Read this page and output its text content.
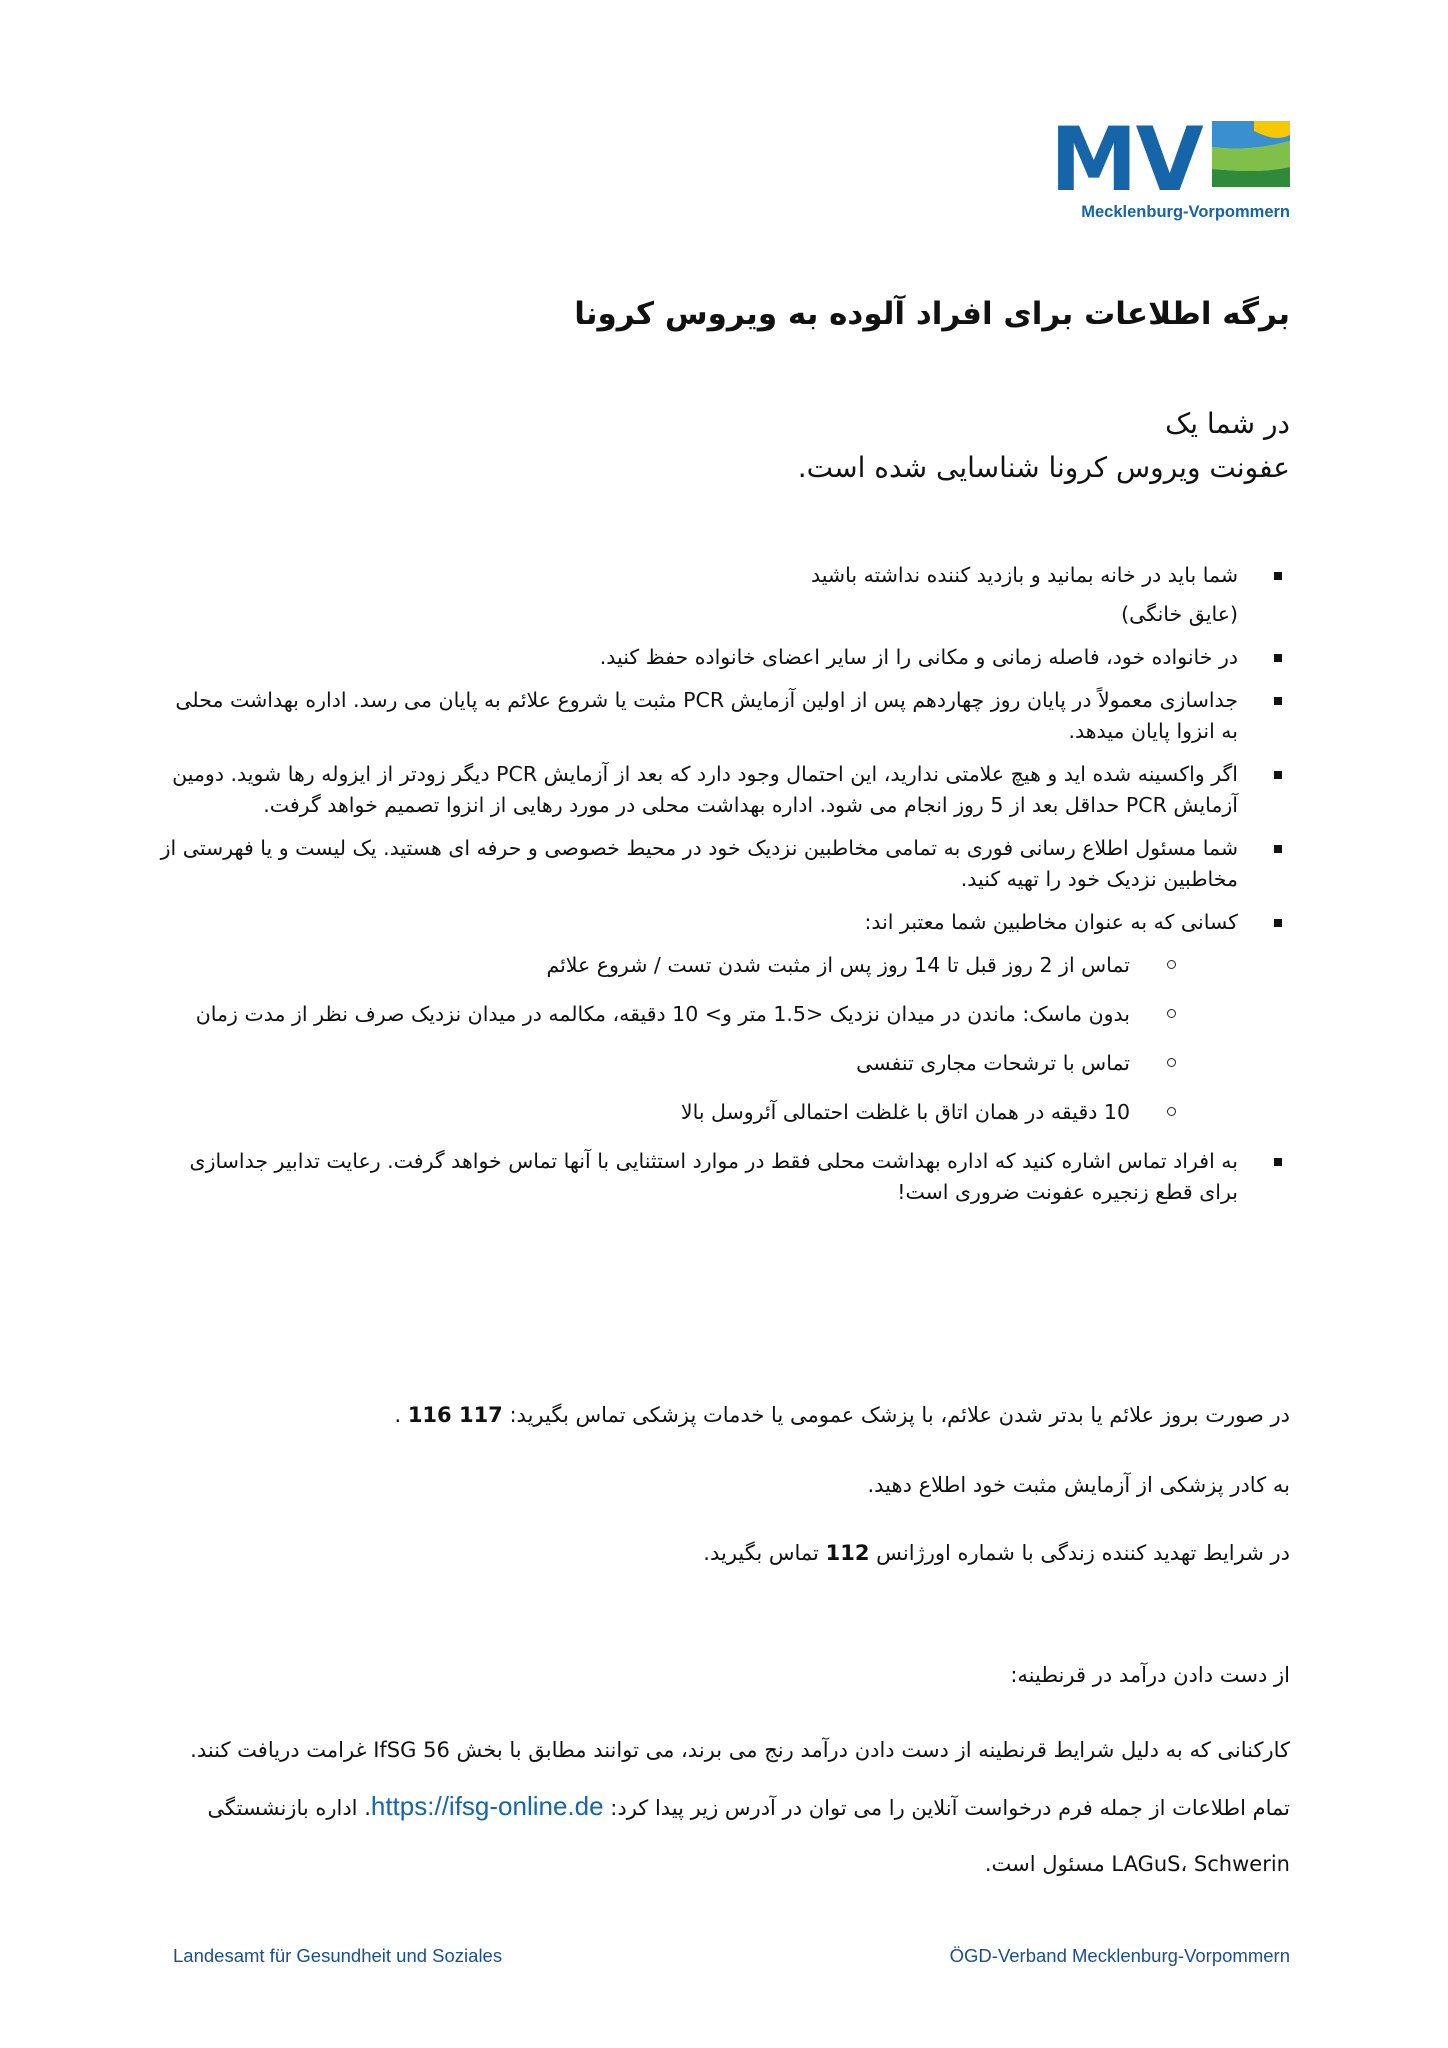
MV
Mecklenburg-Vorpommern
برگه اطلاعات برای افراد آلوده به ویروس کرونا
در شما یک
عفونت ویروس کرونا شناسایی شده است.
شما باید در خانه بمانید و بازدید کننده نداشته باشید
(عایق خانگی)
در خانواده خود، فاصله زمانی و مکانی را از سایر اعضای خانواده حفظ کنید.
جداسازی معمولاً در پایان روز چهاردهم پس از اولین آزمایش PCR مثبت یا شروع علائم به پایان می رسد. اداره بهداشت محلی به انزوا پایان میدهد.
اگر واکسینه شده اید و هیچ علامتی ندارید، این احتمال وجود دارد که بعد از آزمایش PCR دیگر زودتر از ایزوله رها شوید. دومین آزمایش PCR حداقل بعد از 5 روز انجام می شود. اداره بهداشت محلی در مورد رهایی از انزوا تصمیم خواهد گرفت.
شما مسئول اطلاع رسانی فوری به تمامی مخاطبین نزدیک خود در محیط خصوصی و حرفه ای هستید. یک لیست و یا فهرستی از مخاطبین نزدیک خود را تهیه کنید.
کسانی که به عنوان مخاطبین شما معتبر اند:
تماس از 2 روز قبل تا 14 روز پس از مثبت شدن تست / شروع علائم
بدون ماسک: ماندن در میدان نزدیک <1.5 متر و> 10 دقیقه، مکالمه در میدان نزدیک صرف نظر از مدت زمان
تماس با ترشحات مجاری تنفسی
10 دقیقه در همان اتاق با غلظت احتمالی آئروسل بالا
به افراد تماس اشاره کنید که اداره بهداشت محلی فقط در موارد استثنایی با آنها تماس خواهد گرفت. رعایت تدابیر جداسازی برای قطع زنجیره عفونت ضروری است!
در صورت بروز علائم یا بدتر شدن علائم، با پزشک عمومی یا خدمات پزشکی تماس بگیرید: 116 117 .
به کادر پزشکی از آزمایش مثبت خود اطلاع دهید.
در شرایط تهدید کننده زندگی با شماره اورژانس 112 تماس بگیرید.
از دست دادن درآمد در قرنطینه:
کارکنانی که به دلیل شرایط قرنطینه از دست دادن درآمد رنج می برند، می توانند مطابق با بخش 56 IfSG غرامت دریافت کنند. تمام اطلاعات از جمله فرم درخواست آنلاین را می توان در آدرس زیر پیدا کرد: https://ifsg-online.de. اداره بازنشستگی LAGuS، Schwerin مسئول است.
Landesamt für Gesundheit und Soziales	ÖGD-Verband Mecklenburg-Vorpommern
